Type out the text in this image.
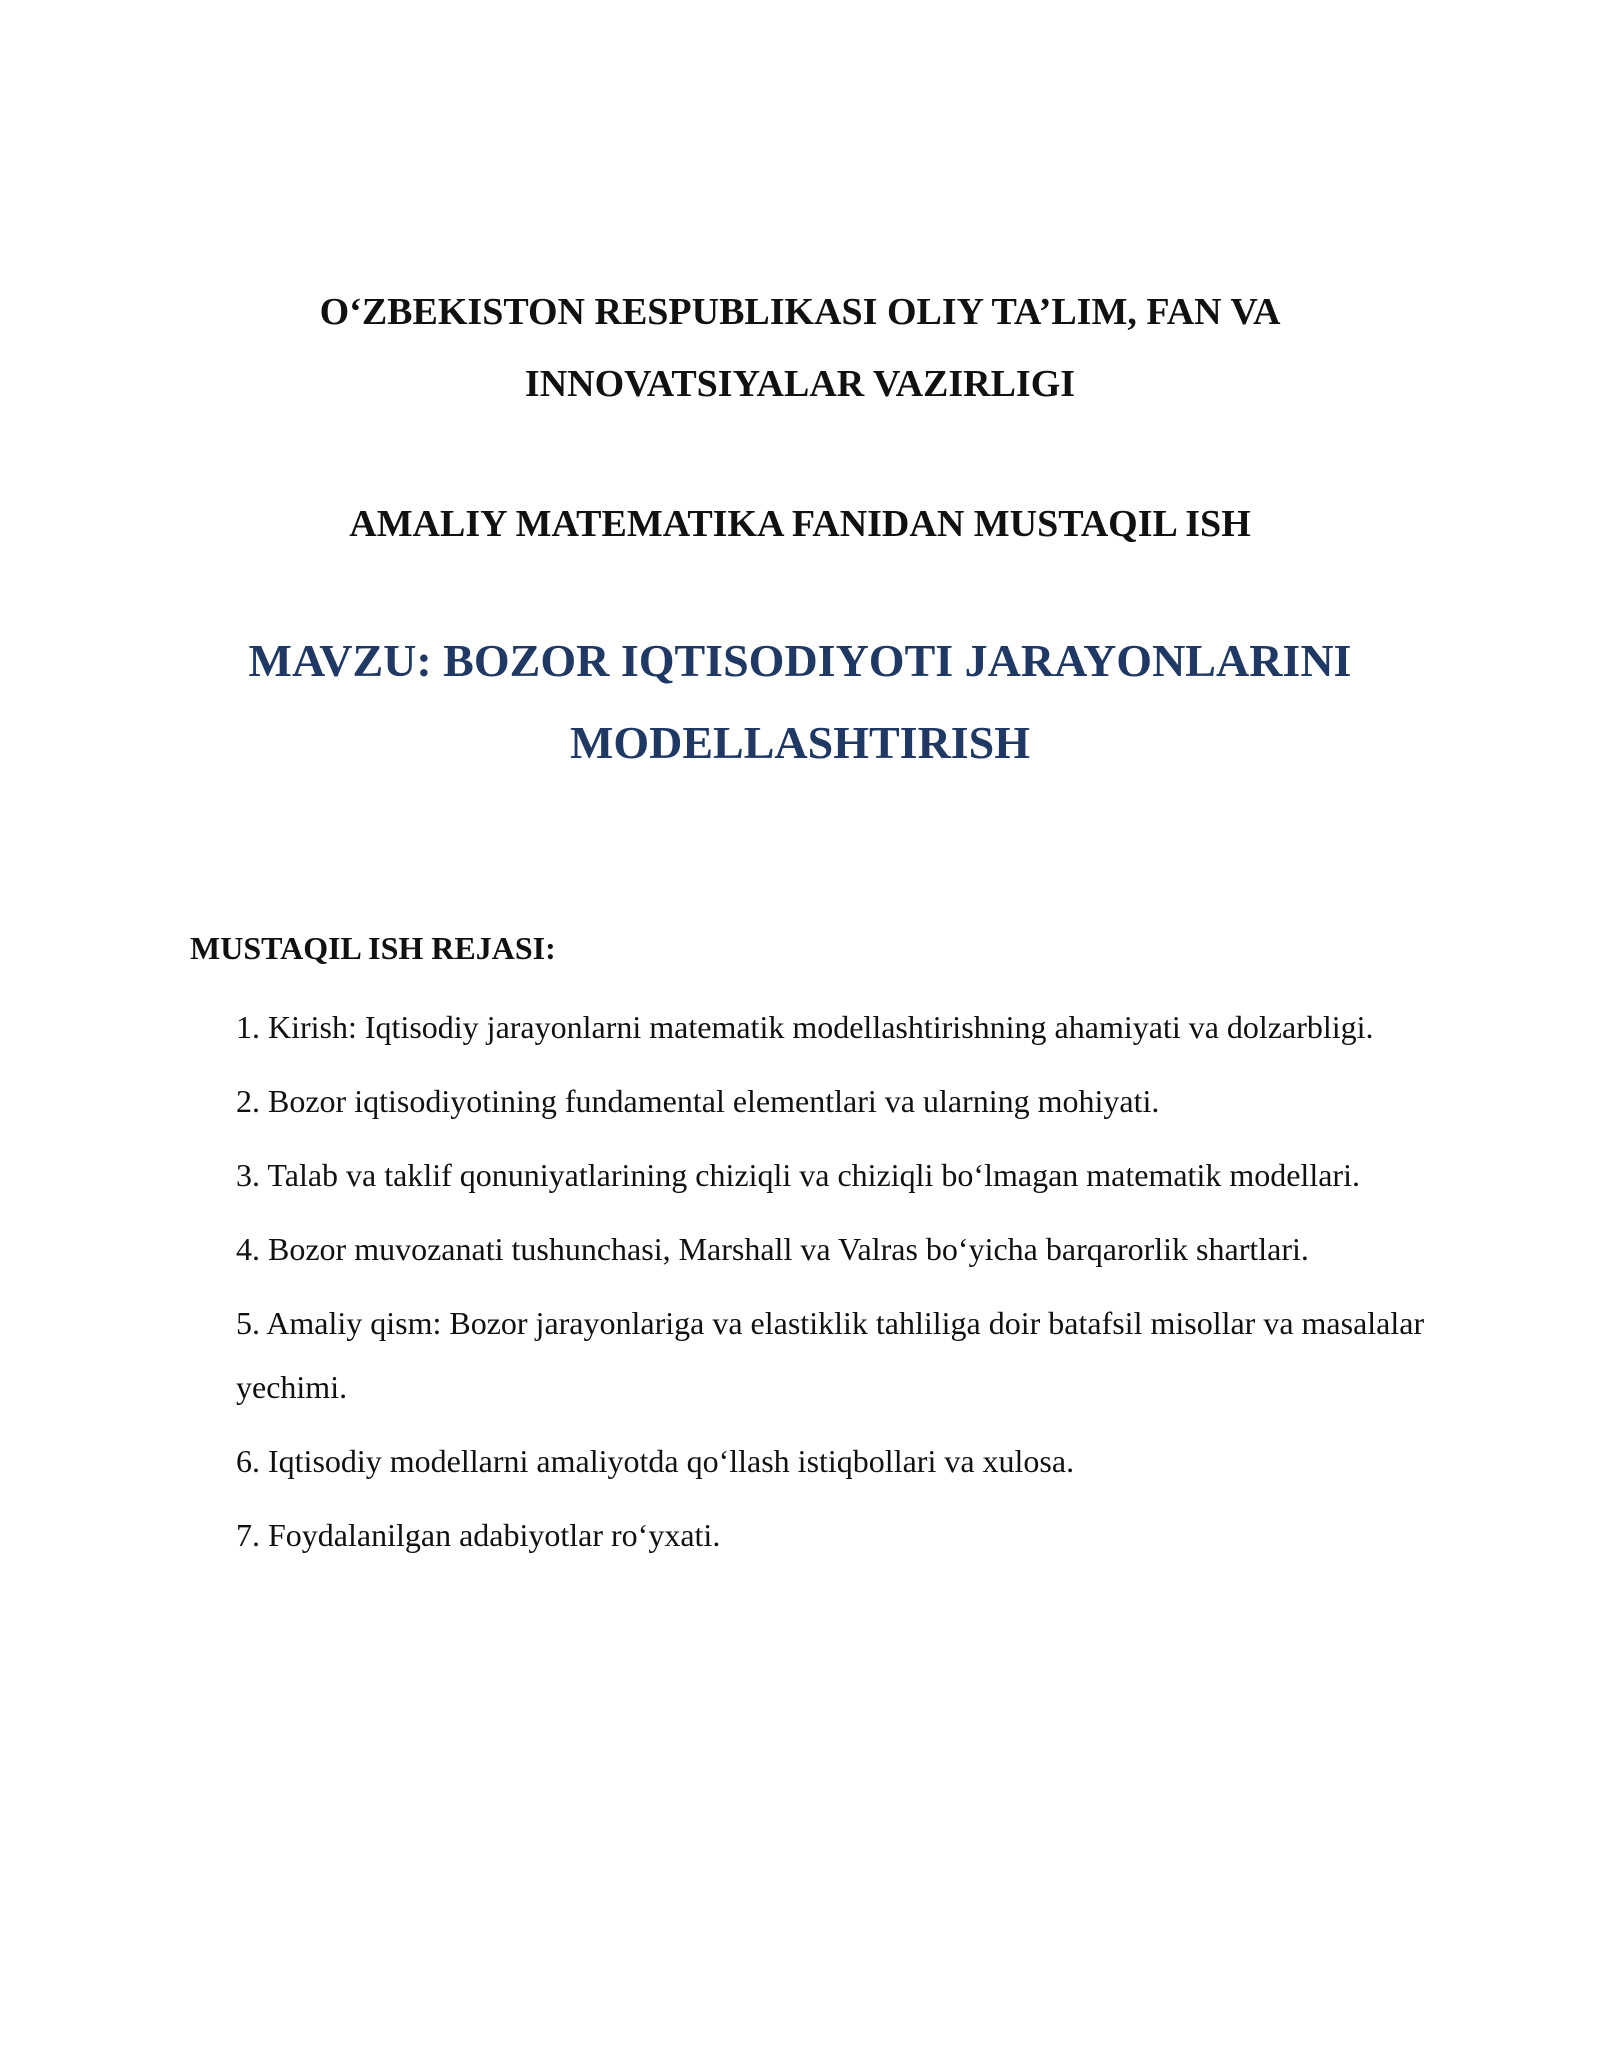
O‘ZBEKISTON RESPUBLIKASI OLIY TA’LIM, FAN VA
INNOVATSIYALAR VAZIRLIGI
AMALIY MATEMATIKA FANIDAN MUSTAQIL ISH
MAVZU: BOZOR IQTISODIYOTI JARAYONLARINI
MODELLASHTIRISH
MUSTAQIL ISH REJASI:
1. Kirish: Iqtisodiy jarayonlarni matematik modellashtirishning ahamiyati va dolzarbligi.
2. Bozor iqtisodiyotining fundamental elementlari va ularning mohiyati.
3. Talab va taklif qonuniyatlarining chiziqli va chiziqli bo‘lmagan matematik modellari.
4. Bozor muvozanati tushunchasi, Marshall va Valras bo‘yicha barqarorlik shartlari.
5. Amaliy qism: Bozor jarayonlariga va elastiklik tahliliga doir batafsil misollar va masalalar yechimi.
6. Iqtisodiy modellarni amaliyotda qo‘llash istiqbollari va xulosa.
7. Foydalanilgan adabiyotlar ro‘yxati.
